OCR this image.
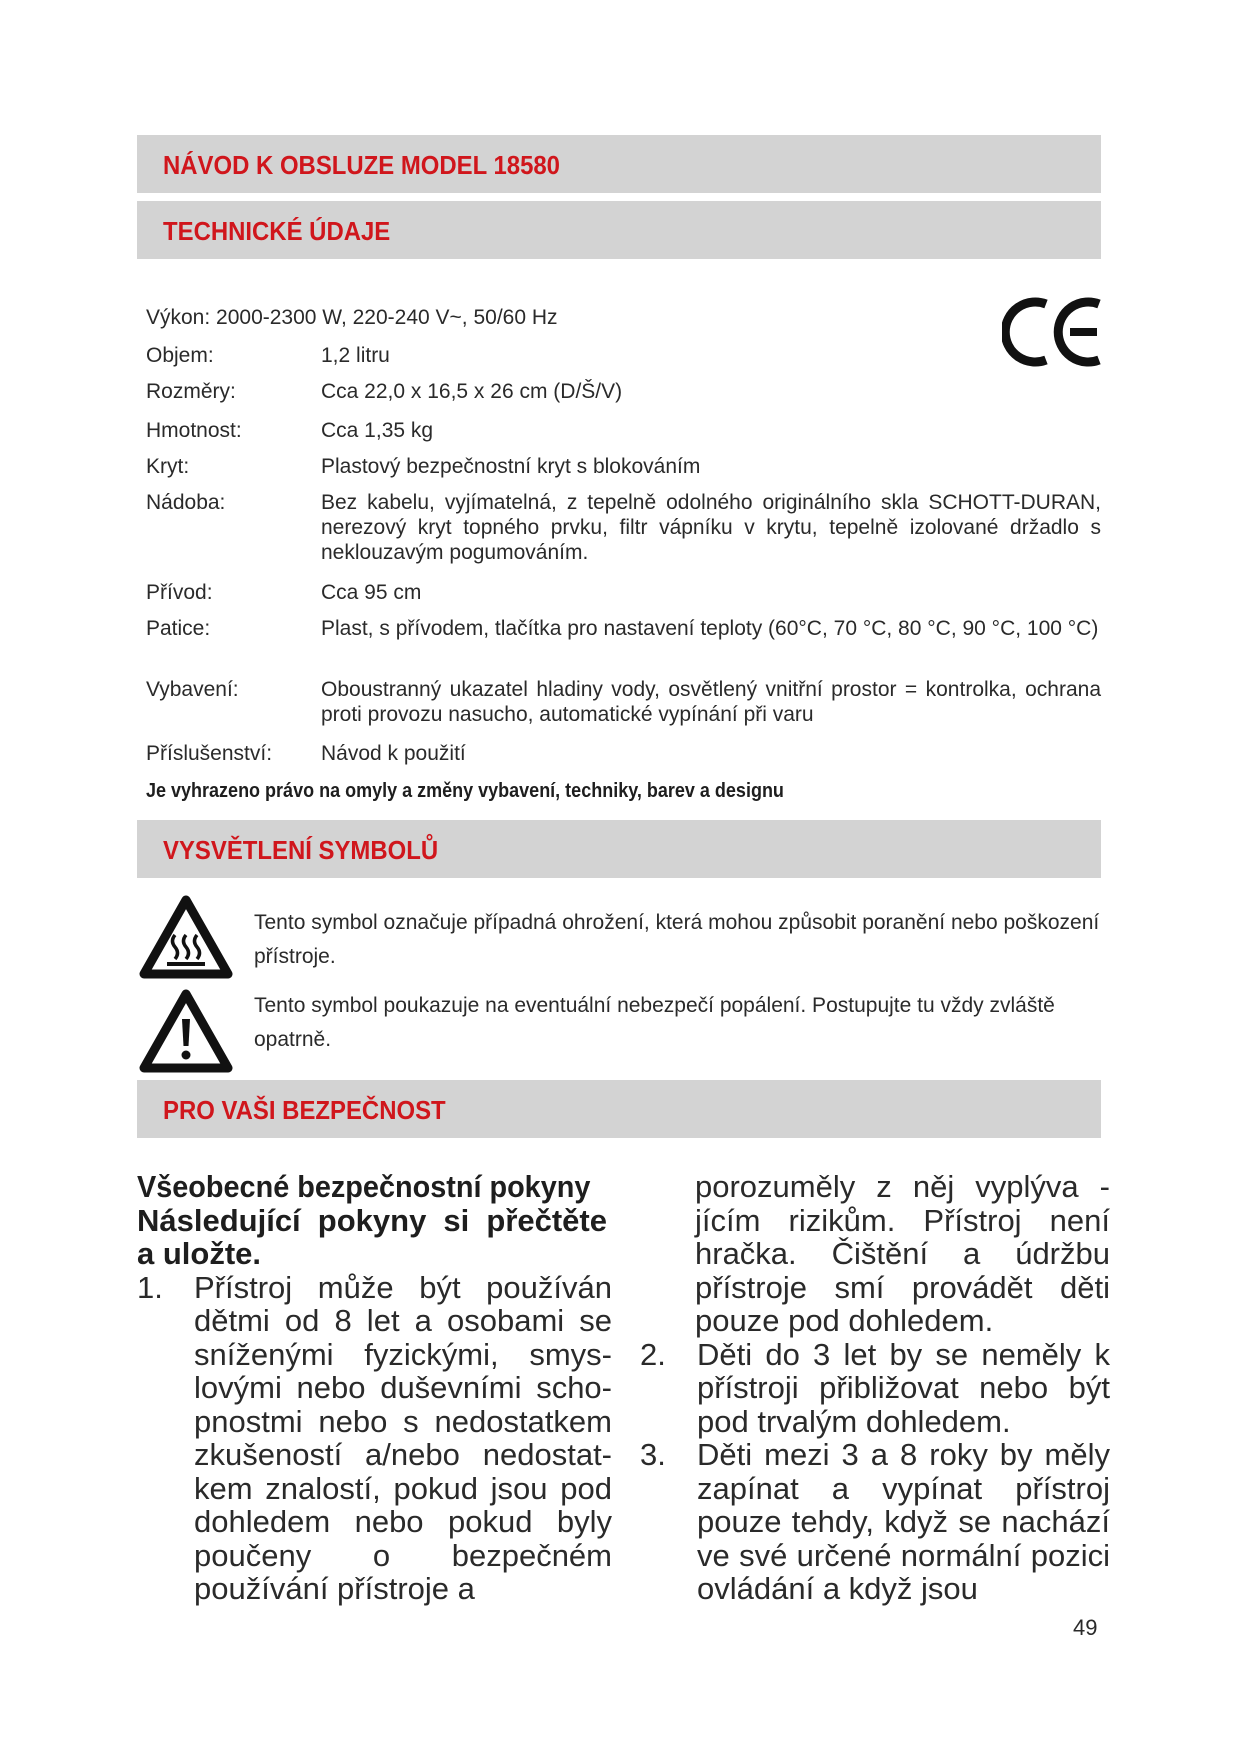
NÁVOD K OBSLUZE MODEL 18580
TECHNICKÉ ÚDAJE
Výkon: 2000-2300 W, 220-240 V~, 50/60 Hz
Objem:	1,2 litru
Rozměry:	Cca 22,0 x 16,5 x 26 cm (D/Š/V)
Hmotnost:	Cca 1,35 kg
Kryt:	Plastový bezpečnostní kryt s blokováním
Nádoba:	Bez kabelu, vyjímatelná, z tepelně odolného originálního skla SCHOTT-DURAN, nerezový kryt topného prvku, filtr vápníku v krytu, tepelně izolované držadlo s neklouzavým pogumováním.
Přívod:	Cca 95 cm
Patice:	Plast, s přívodem, tlačítka pro nastavení teploty (60°C, 70 °C, 80 °C, 90 °C, 100 °C)
Vybavení:	Oboustranný ukazatel hladiny vody, osvětlený vnitřní prostor = kontrolka, ochrana proti provozu nasucho, automatické vypínání při varu
Příslušenství: Návod k použití
Je vyhrazeno právo na omyly a změny vybavení, techniky, barev a designu
VYSVĚTLENÍ SYMBOLŮ
Tento symbol označuje případná ohrožení, která mohou způsobit poranění nebo poškození přístroje.
Tento symbol poukazuje na eventuální nebezpečí popálení. Postupujte tu vždy zvláště opatrně.
PRO VAŠI BEZPEČNOST
Všeobecné bezpečnostní pokyny
Následující pokyny si přečtěte a uložte.
1. Přístroj může být používán dětmi od 8 let a osobami se sníženými fyzickými, smys- lovými nebo duševními scho- pnostmi nebo s nedostatkem zkušeností a/nebo nedostat- kem znalostí, pokud jsou pod dohledem nebo pokud byly poučeny o bezpečném používání přístroje a
porozuměly z něj vyplýva - jícím rizikům. Přístroj není hračka. Čištění a údržbu přístroje smí provádět děti pouze pod dohledem.
2. Děti do 3 let by se neměly k přístroji přibližovat nebo být pod trvalým dohledem.
3. Děti mezi 3 a 8 roky by měly zapínat a vypínat přístroj pouze tehdy, když se nachází ve své určené normální pozici ovládání a když jsou
49
